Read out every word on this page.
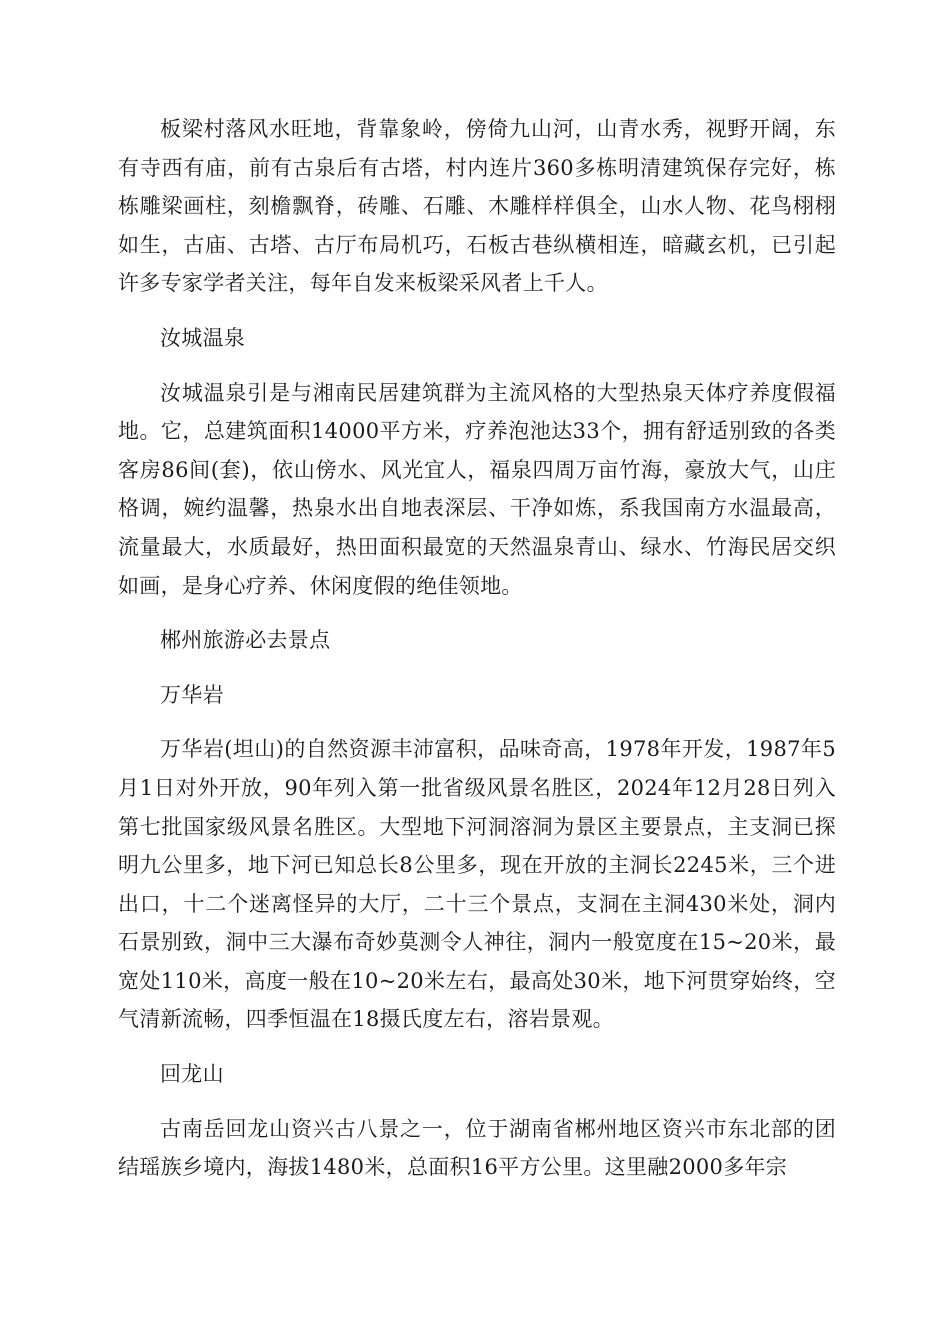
板梁村落风水旺地，背靠象岭，傍倚九山河，山青水秀，视野开阔，东有寺西有庙，前有古泉后有古塔，村内连片360多栋明清建筑保存完好，栋栋雕梁画柱，刻檐飘脊，砖雕、石雕、木雕样样俱全，山水人物、花鸟栩栩如生，古庙、古塔、古厅布局机巧，石板古巷纵横相连，暗藏玄机，已引起许多专家学者关注，每年自发来板梁采风者上千人。

汝城温泉

汝城温泉引是与湘南民居建筑群为主流风格的大型热泉天体疗养度假福地。它，总建筑面积14000平方米，疗养泡池达33个，拥有舒适别致的各类客房86间(套)，依山傍水、风光宜人，福泉四周万亩竹海，豪放大气，山庄格调，婉约温馨，热泉水出自地表深层、干净如炼，系我国南方水温最高，流量最大，水质最好，热田面积最宽的天然温泉青山、绿水、竹海民居交织如画，是身心疗养、休闲度假的绝佳领地。

郴州旅游必去景点

万华岩

万华岩(坦山)的自然资源丰沛富积，品味奇高，1978年开发，1987年5月1日对外开放，90年列入第一批省级风景名胜区，2024年12月28日列入第七批国家级风景名胜区。大型地下河洞溶洞为景区主要景点，主支洞已探明九公里多，地下河已知总长8公里多，现在开放的主洞长2245米，三个进出口，十二个迷离怪异的大厅，二十三个景点，支洞在主洞430米处，洞内石景别致，洞中三大瀑布奇妙莫测令人神往，洞内一般宽度在15~20米，最宽处110米，高度一般在10~20米左右，最高处30米，地下河贯穿始终，空气清新流畅，四季恒温在18摄氏度左右，溶岩景观。

回龙山

古南岳回龙山资兴古八景之一，位于湖南省郴州地区资兴市东北部的团结瑶族乡境内，海拔1480米，总面积16平方公里。这里融2000多年宗
